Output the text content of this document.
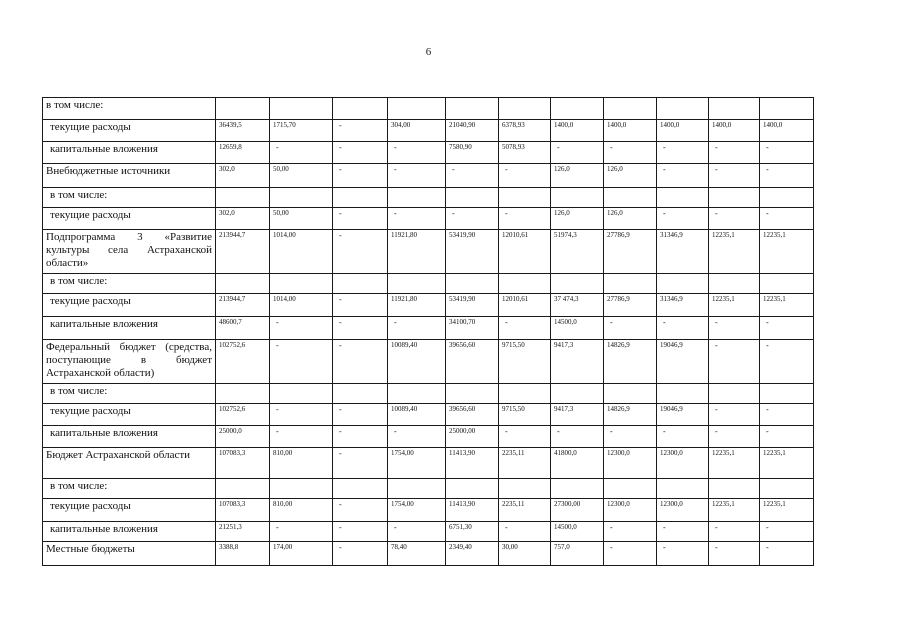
6
в том числе:											
текущие расходы	36439,5	1715,70	-	304,00	21040,90	6378,93	1400,0	1400,0	1400,0	1400,0	1400,0
капитальные вложения	12659,8	-	-	-	7580,90	5078,93	-	-	-	-	-
Внебюджетные источники	302,0	50,00	-	-	-	-	126,0	126,0	-	-	-
в том числе:											
текущие расходы	302,0	50,00	-	-	-	-	126,0	126,0	-	-	-
Подпрограмма 3 «Развитие культуры села Астраханской области»	213944,7	1014,00	-	11921,80	53419,90	12010,61	51974,3	27786,9	31346,9	12235,1	12235,1
в том числе:											
текущие расходы	213944,7	1014,00	-	11921,80	53419,90	12010,61	37 474,3	27786,9	31346,9	12235,1	12235,1
капитальные вложения	48600,7	-	-	-	34100,70	-	14500,0	-	-	-	-
Федеральный бюджет (средства, поступающие в бюджет Астраханской области)	102752,6	-	-	10089,40	39656,60	9715,50	9417,3	14826,9	19046,9	-	-
в том числе:											
текущие расходы	102752,6	-	-	10089,40	39656,60	9715,50	9417,3	14826,9	19046,9	-	-
капитальные вложения	25000,0	-	-	-	25000,00	-	-	-	-	-	-
Бюджет Астраханской области	107083,3	810,00	-	1754,00	11413,90	2235,11	41800,0	12300,0	12300,0	12235,1	12235,1
в том числе:											
текущие расходы	107083,3	810,00	-	1754,00	11413,90	2235,11	27300,00	12300,0	12300,0	12235,1	12235,1
капитальные вложения	21251,3	-	-	-	6751,30	-	14500,0	-	-	-	-
Местные бюджеты	3388,8	174,00	-	78,40	2349,40	30,00	757,0	-	-	-	-
